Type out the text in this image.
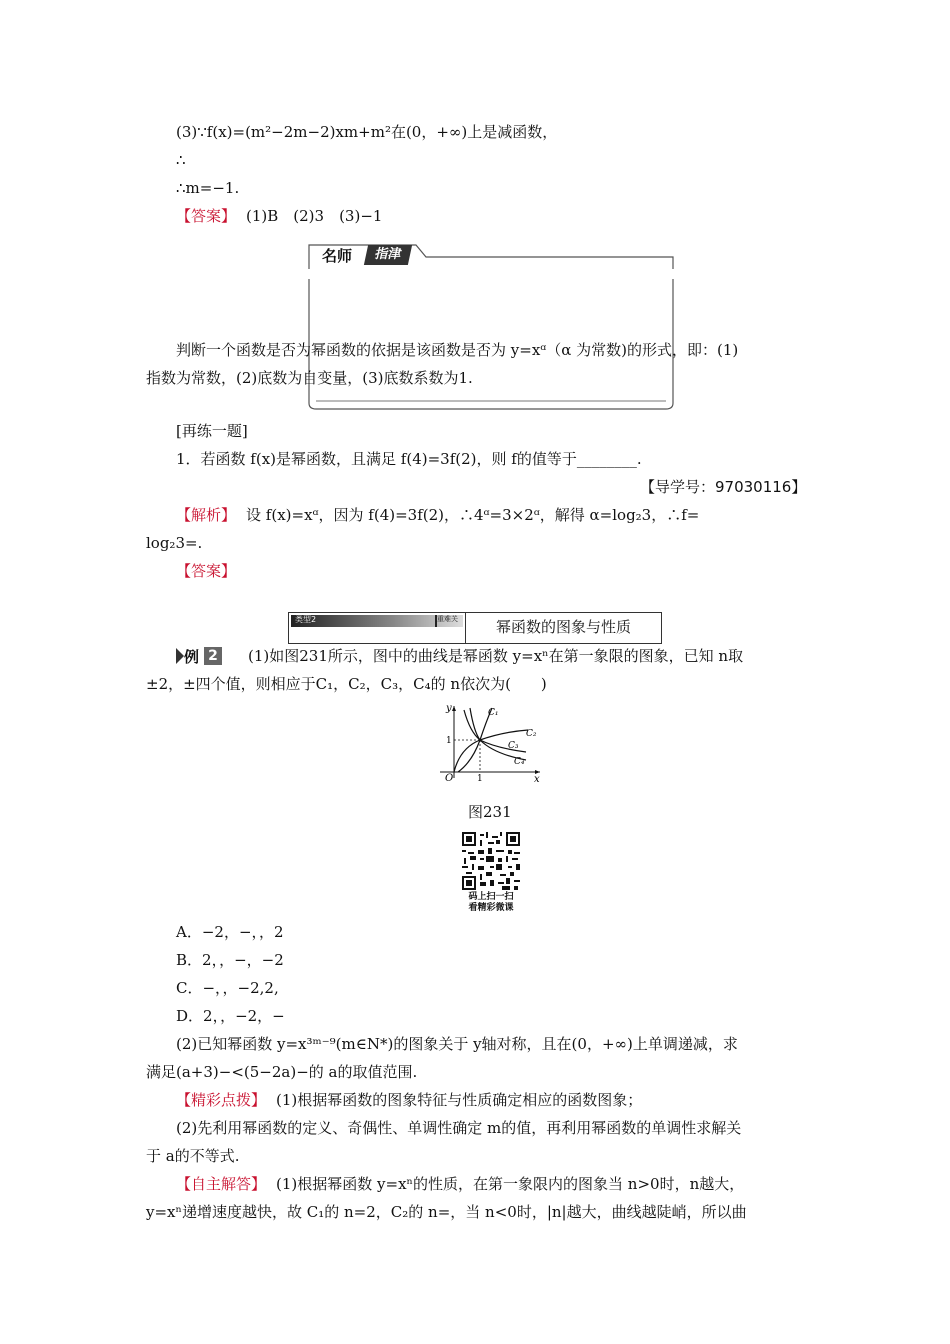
(3)∵f(x)=(m²−2m−2)xm+m²在(0，+∞)上是减函数，
∴
∴m=−1.
【答案】 (1)B　(2)3　(3)−1
名师	指津
判断一个函数是否为幂函数的依据是该函数是否为 y=xᵅ（α 为常数)的形式，即：(1)
指数为常数，(2)底数为自变量，(3)底数系数为1.
[再练一题]
1．若函数 f(x)是幂函数，且满足 f(4)=3f(2)，则 f的值等于________.
【导学号：97030116】
【解析】 设 f(x)=xᵅ，因为 f(4)=3f(2)，∴4ᵅ=3×2ᵅ，解得 α=log₂3，∴f=
log₂3=.
【答案】
类型2	重难关	幂函数的图象与性质
例 2 (1)如图231所示，图中的曲线是幂函数 y=xⁿ在第一象限的图象，已知 n取
±2，±四个值，则相应于C₁，C₂，C₃，C₄的 n依次为(　　)
y
x
O	1
1
C₁
C₂
C₃
C₄
图231
码上扫一扫
看精彩微课
A．−2，−，，2
B．2，，−，−2
C．−，，−2,2,
D．2，，−2，−
(2)已知幂函数 y=x³ᵐ⁻⁹(m∈N*)的图象关于 y轴对称，且在(0，+∞)上单调递减，求
满足(a+3)−<(5−2a)−的 a的取值范围.
【精彩点拨】 (1)根据幂函数的图象特征与性质确定相应的函数图象；
(2)先利用幂函数的定义、奇偶性、单调性确定 m的值，再利用幂函数的单调性求解关
于 a的不等式.
【自主解答】 (1)根据幂函数 y=xⁿ的性质，在第一象限内的图象当 n>0时，n越大，
y=xⁿ递增速度越快，故 C₁的 n=2，C₂的 n=，当 n<0时，|n|越大，曲线越陡峭，所以曲
